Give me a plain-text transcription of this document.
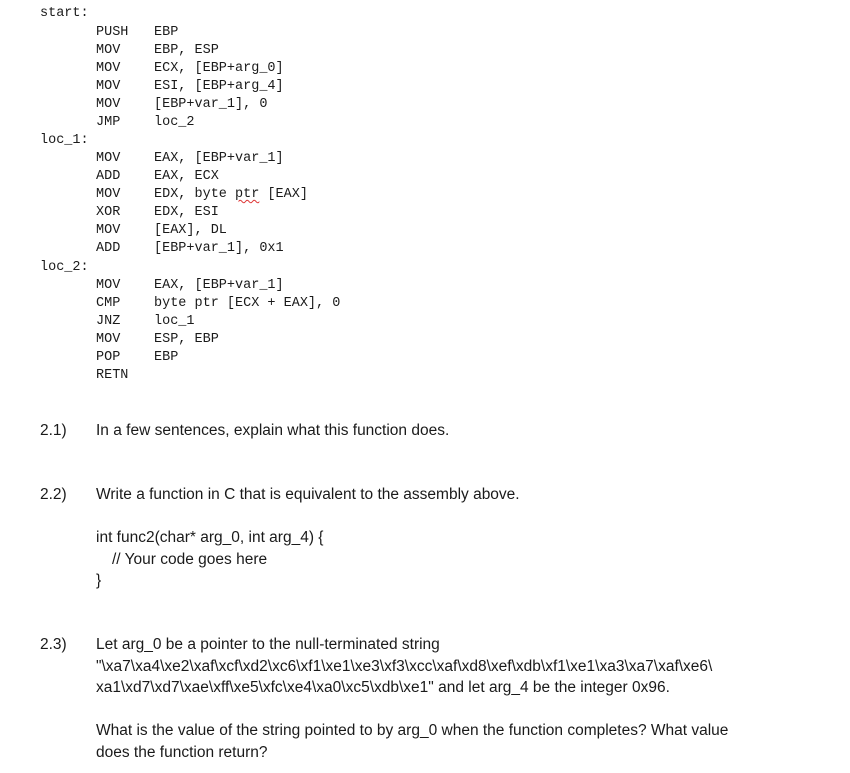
start:
PUSH EBP
MOV EBP, ESP
MOV ECX, [EBP+arg_0]
MOV ESI, [EBP+arg_4]
MOV [EBP+var_1], 0
JMP loc_2
loc_1:
MOV EAX, [EBP+var_1]
ADD EAX, ECX
MOV EDX, byte ptr [EAX]
XOR EDX, ESI
MOV [EAX], DL
ADD [EBP+var_1], 0x1
loc_2:
MOV EAX, [EBP+var_1]
CMP byte ptr [ECX + EAX], 0
JNZ loc_1
MOV ESP, EBP
POP EBP
RETN
2.1) In a few sentences, explain what this function does.
2.2) Write a function in C that is equivalent to the assembly above.
int func2(char* arg_0, int arg_4) {
// Your code goes here
}
2.3) Let arg_0 be a pointer to the null-terminated string
"\xa7\xa4\xe2\xaf\xcf\xd2\xc6\xf1\xe1\xe3\xf3\xcc\xaf\xd8\xef\xdb\xf1\xe1\xa3\xa7\xaf\xe6\
xa1\xd7\xd7\xae\xff\xe5\xfc\xe4\xa0\xc5\xdb\xe1" and let arg_4 be the integer 0x96.
What is the value of the string pointed to by arg_0 when the function completes? What value
does the function return?
